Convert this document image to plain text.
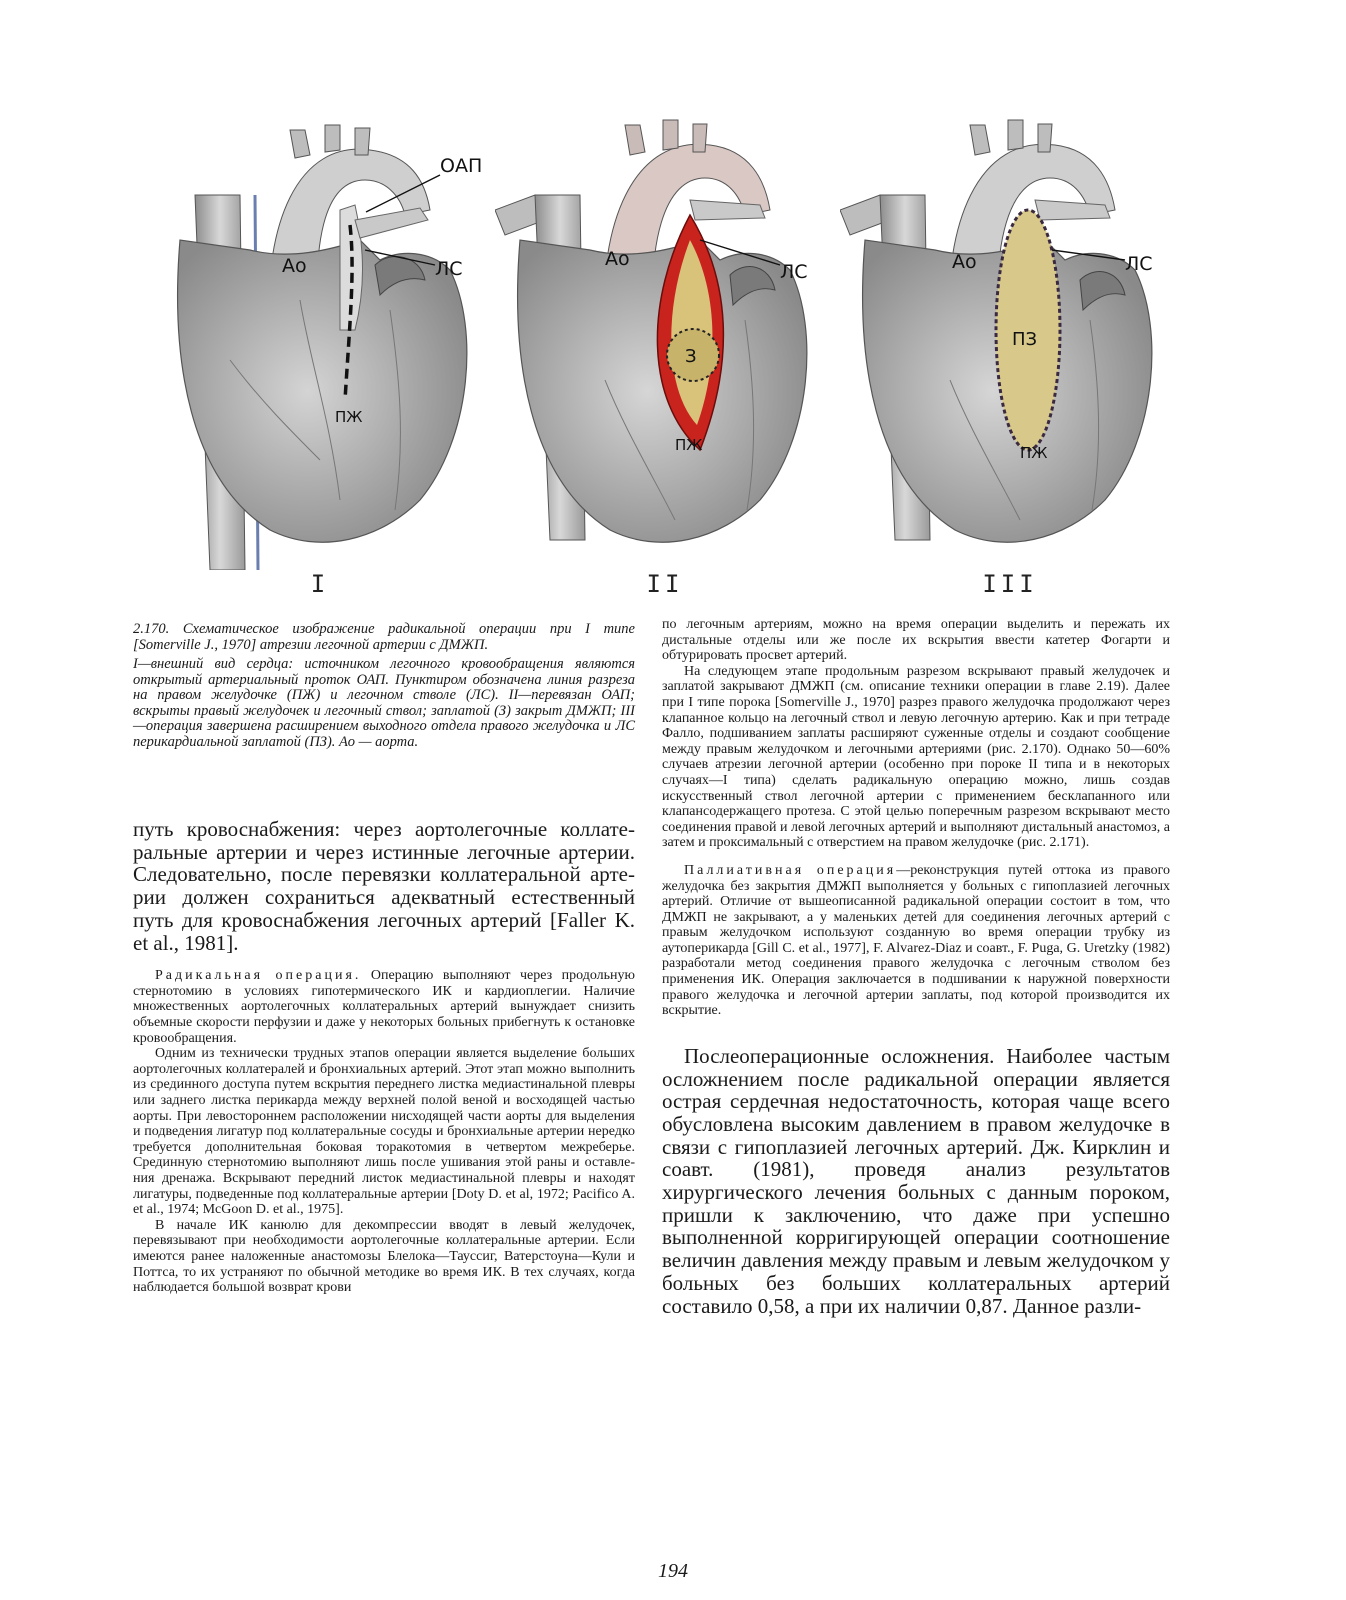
ОАП
Ао	ЛС
ПЖ
I
Ао
ЛС
З
ПЖ
II
Ао	ЛС
ПЗ
ПЖ
III

2.170. Схематическое изображение радикальной операции при I типе [Somerville J., 1970] атрезии легочной артерии с ДМЖП.

I—внешний вид сердца: источником легочного кровообращения являются открытый артериальный проток ОАП. Пунктиром обозначена линия разреза на правом желудочке (ПЖ) и легочном стволе (ЛС). II—перевязан ОАП; вскрыты правый желудочек и легочный ствол; заплатой (З) закрыт ДМЖП; III—операция завершена расширением выходного отдела правого желудочка и ЛС перикардиальной заплатой (ПЗ). Ао — аорта.

путь кровоснабжения: через аортолегочные коллатеральные артерии и через истинные легочные артерии. Следовательно, после перевязки коллатеральной артерии должен сохраниться адекватный естественный путь для кровоснабжения легочных артерий [Faller K. et al., 1981].

Радикальная операция. Операцию выполняют через продольную стернотомию в условиях гипотермического ИК и кардиоплегии. Наличие множественных аортолегочных коллатеральных артерий вынуждает снизить объемные скорости перфузии и даже у некоторых больных прибегнуть к остановке кровообращения.

Одним из технически трудных этапов операции является выделение больших аортолегочных коллатералей и бронхиальных артерий. Этот этап можно выполнить из срединного доступа путем вскрытия переднего листка медиастинальной плевры или заднего листка перикарда между верхней полой веной и восходящей частью аорты. При левостороннем расположении нисходящей части аорты для выделения и подведения лигатур под коллатеральные сосуды и бронхиальные артерии нередко требуется дополнительная боковая торакотомия в четвертом межреберье. Срединную стернотомию выполняют лишь после ушивания этой раны и оставления дренажа. Вскрывают передний листок медиастинальной плевры и находят лигатуры, подведенные под коллатеральные артерии [Doty D. et al, 1972; Pacifico A. et al., 1974; McGoon D. et al., 1975].

В начале ИК канюлю для декомпрессии вводят в левый желудочек, перевязывают при необходимости аортолегочные коллатеральные артерии. Если имеются ранее наложенные анастомозы Блелока—Тауссиг, Ватерстоуна—Кули и Поттса, то их устраняют по обычной методике во время ИК. В тех случаях, когда наблюдается большой возврат крови

по легочным артериям, можно на время операции выделить и пережать их дистальные отделы или же после их вскрытия ввести катетер Фогарти и обтурировать просвет артерий.

На следующем этапе продольным разрезом вскрывают правый желудочек и заплатой закрывают ДМЖП (см. описание техники операции в главе 2.19). Далее при I типе порока [Somerville J., 1970] разрез правого желудочка продолжают через клапанное кольцо на легочный ствол и левую легочную артерию. Как и при тетраде Фалло, подшиванием заплаты расширяют суженные отделы и создают сообщение между правым желудочком и легочными артериями (рис. 2.170). Однако 50—60% случаев атрезии легочной артерии (особенно при пороке II типа и в некоторых случаях—I типа) сделать радикальную операцию можно, лишь создав искусственный ствол легочной артерии с применением бесклапанного или клапансодержащего протеза. С этой целью поперечным разрезом вскрывают место соединения правой и левой легочных артерий и выполняют дистальный анастомоз, а затем и проксимальный с отверстием на правом желудочке (рис. 2.171).

Паллиативная операция—реконструкция путей оттока из правого желудочка без закрытия ДМЖП выполняется у больных с гипоплазией легочных артерий. Отличие от вышеописанной радикальной операции состоит в том, что ДМЖП не закрывают, а у маленьких детей для соединения легочных артерий с правым желудочком используют созданную во время операции трубку из аутоперикарда [Gill С. et al., 1977], F. Alvarez-Diaz и соавт., F. Puga, G. Uretzky (1982) разработали метод соединения правого желудочка с легочным стволом без применения ИК. Операция заключается в подшивании к наружной поверхности правого желудочка и легочной артерии заплаты, под которой производится их вскрытие.

Послеоперационные осложнения. Наиболее частым осложнением после радикальной операции является острая сердечная недостаточность, которая чаще всего обусловлена высоким давлением в правом желудочке в связи с гипоплазией легочных артерий. Дж. Кирклин и соавт. (1981), проведя анализ результатов хирургического лечения больных с данным пороком, пришли к заключению, что даже при успешно выполненной корригирующей операции соотношение величин давления между правым и левым желудочком у больных без больших коллатеральных артерий составило 0,58, а при их наличии 0,87. Данное разли-

194
